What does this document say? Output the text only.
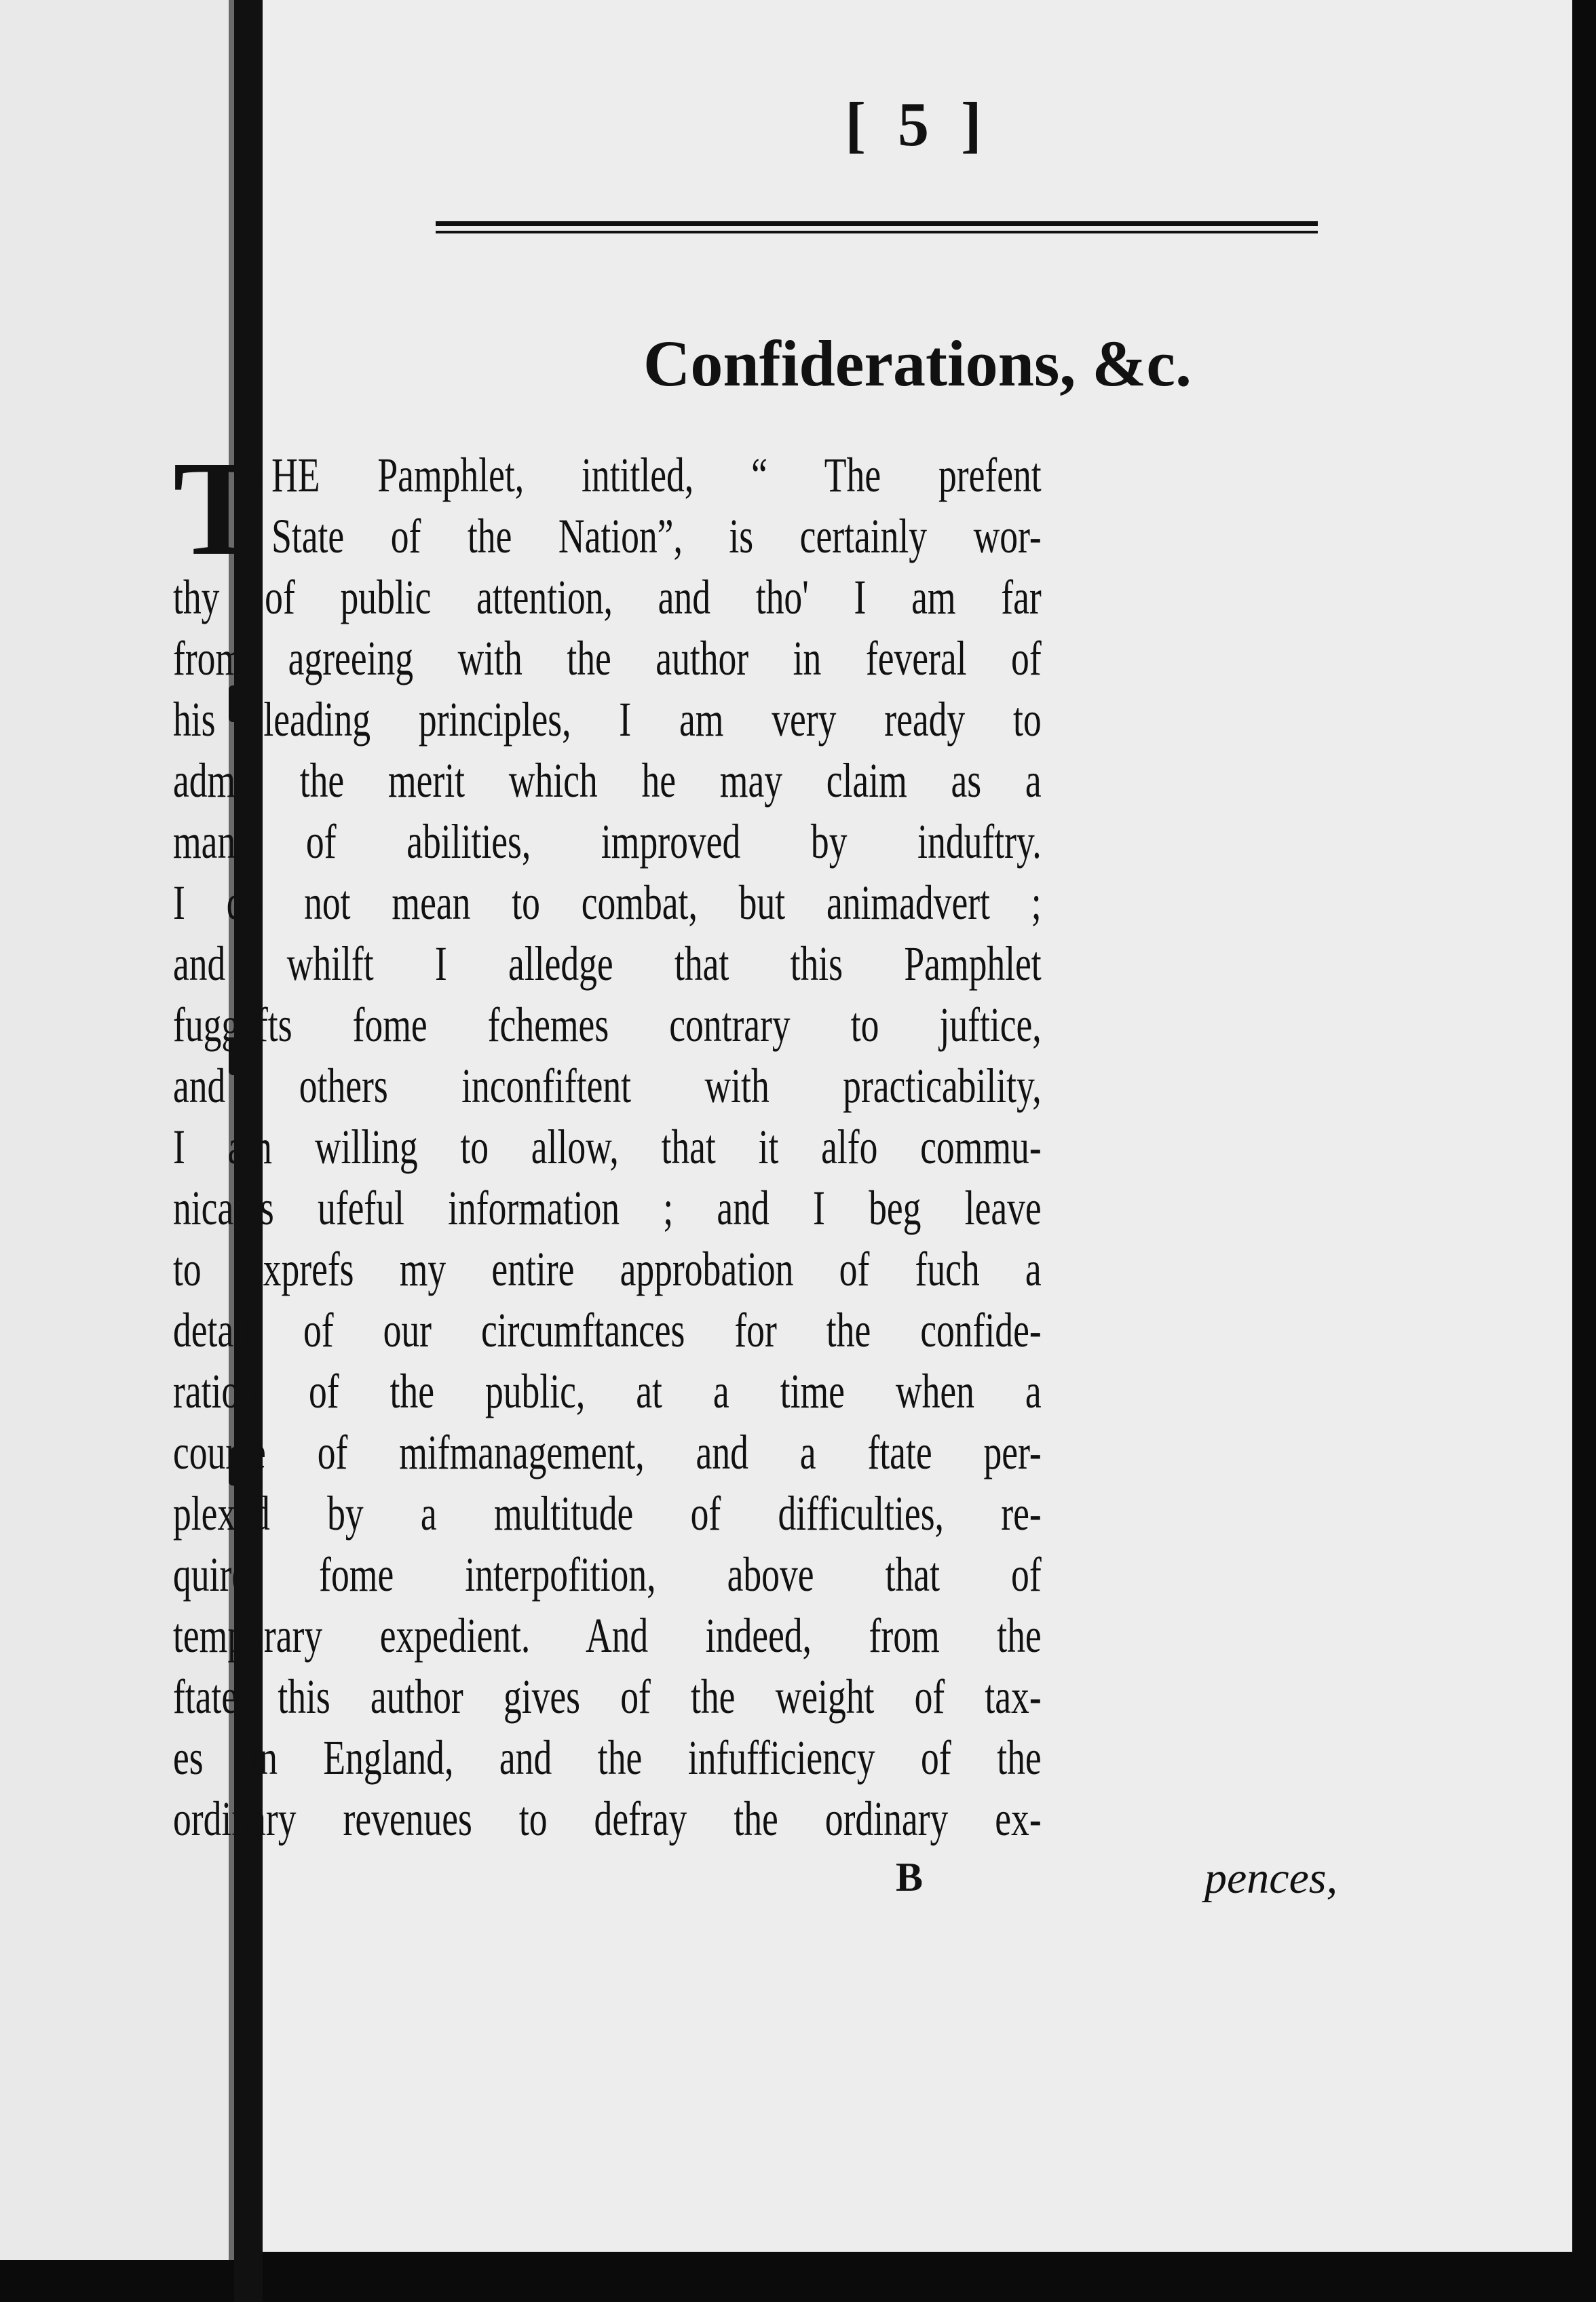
[ 5 ]
Confiderations, &c.
T HE Pamphlet, intitled, “ The prefent
State of the Nation”, is certainly wor-
thy of public attention, and tho' I am far
from agreeing with the author in feveral of
his leading principles, I am very ready to
admit the merit which he may claim as a
man of abilities, improved by induftry.
I do not mean to combat, but animadvert ;
and whilft I alledge that this Pamphlet
fuggefts fome fchemes contrary to juftice,
and others inconfiftent with practicability,
I am willing to allow, that it alfo commu-
nicates ufeful information ; and I beg leave
to exprefs my entire approbation of fuch a
detail of our circumftances for the confide-
ration of the public, at a time when a
courfe of mifmanagement, and a ftate per-
plexed by a multitude of difficulties, re-
quire fome interpofition, above that of
temporary expedient. And indeed, from the
ftate this author gives of the weight of tax-
es in England, and the infufficiency of the
ordinary revenues to defray the ordinary ex-
B	pences,
